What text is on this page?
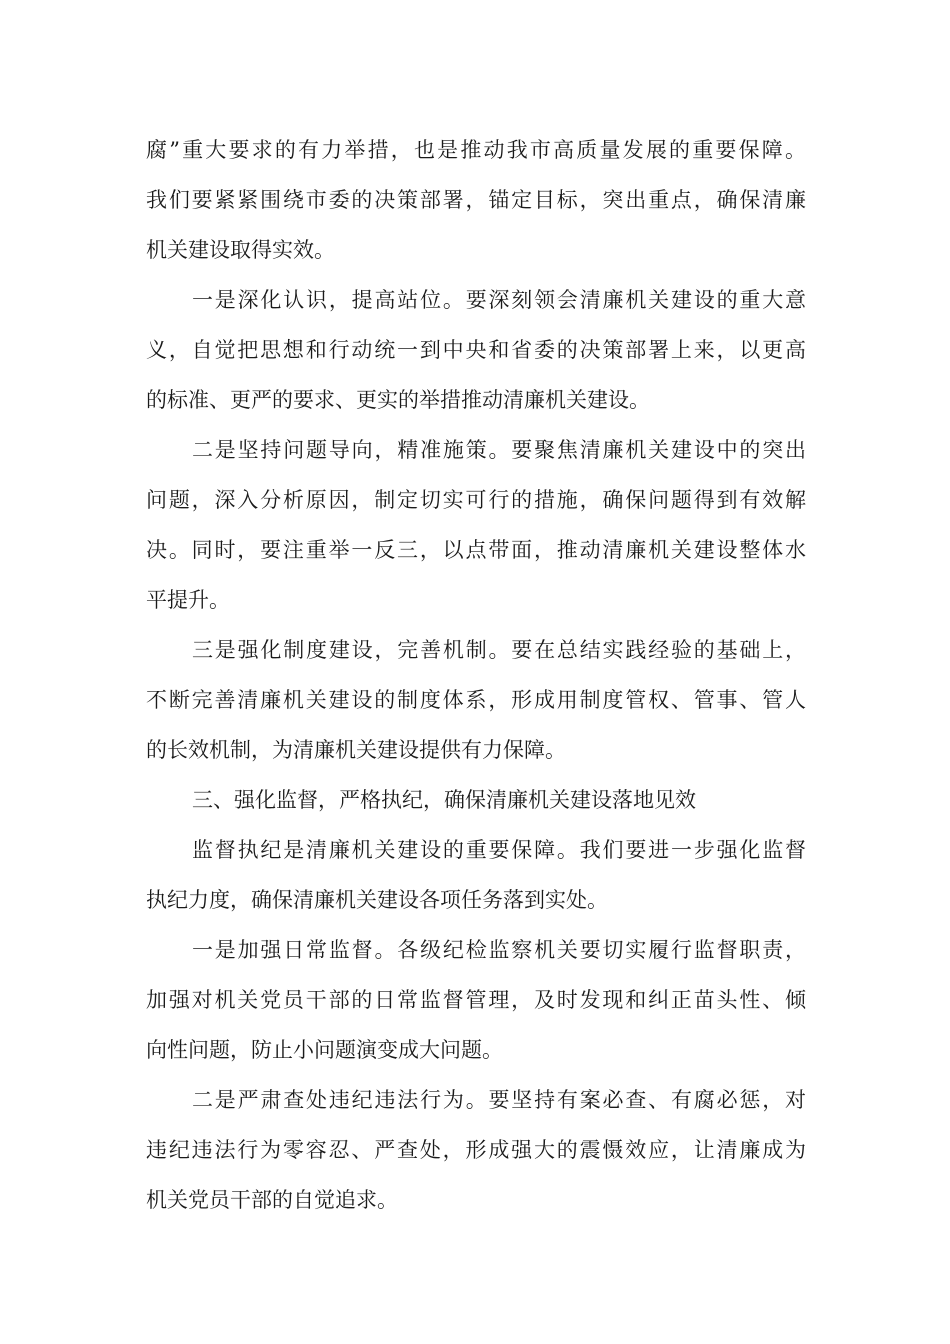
腐”重大要求的有力举措，也是推动我市高质量发展的重要保障。
我们要紧紧围绕市委的决策部署，锚定目标，突出重点，确保清廉
机关建设取得实效。
一是深化认识，提高站位。要深刻领会清廉机关建设的重大意
义，自觉把思想和行动统一到中央和省委的决策部署上来，以更高
的标准、更严的要求、更实的举措推动清廉机关建设。
二是坚持问题导向，精准施策。要聚焦清廉机关建设中的突出
问题，深入分析原因，制定切实可行的措施，确保问题得到有效解
决。同时，要注重举一反三，以点带面，推动清廉机关建设整体水
平提升。
三是强化制度建设，完善机制。要在总结实践经验的基础上，
不断完善清廉机关建设的制度体系，形成用制度管权、管事、管人
的长效机制，为清廉机关建设提供有力保障。
三、强化监督，严格执纪，确保清廉机关建设落地见效
监督执纪是清廉机关建设的重要保障。我们要进一步强化监督
执纪力度，确保清廉机关建设各项任务落到实处。
一是加强日常监督。各级纪检监察机关要切实履行监督职责，
加强对机关党员干部的日常监督管理，及时发现和纠正苗头性、倾
向性问题，防止小问题演变成大问题。
二是严肃查处违纪违法行为。要坚持有案必查、有腐必惩，对
违纪违法行为零容忍、严查处，形成强大的震慑效应，让清廉成为
机关党员干部的自觉追求。
